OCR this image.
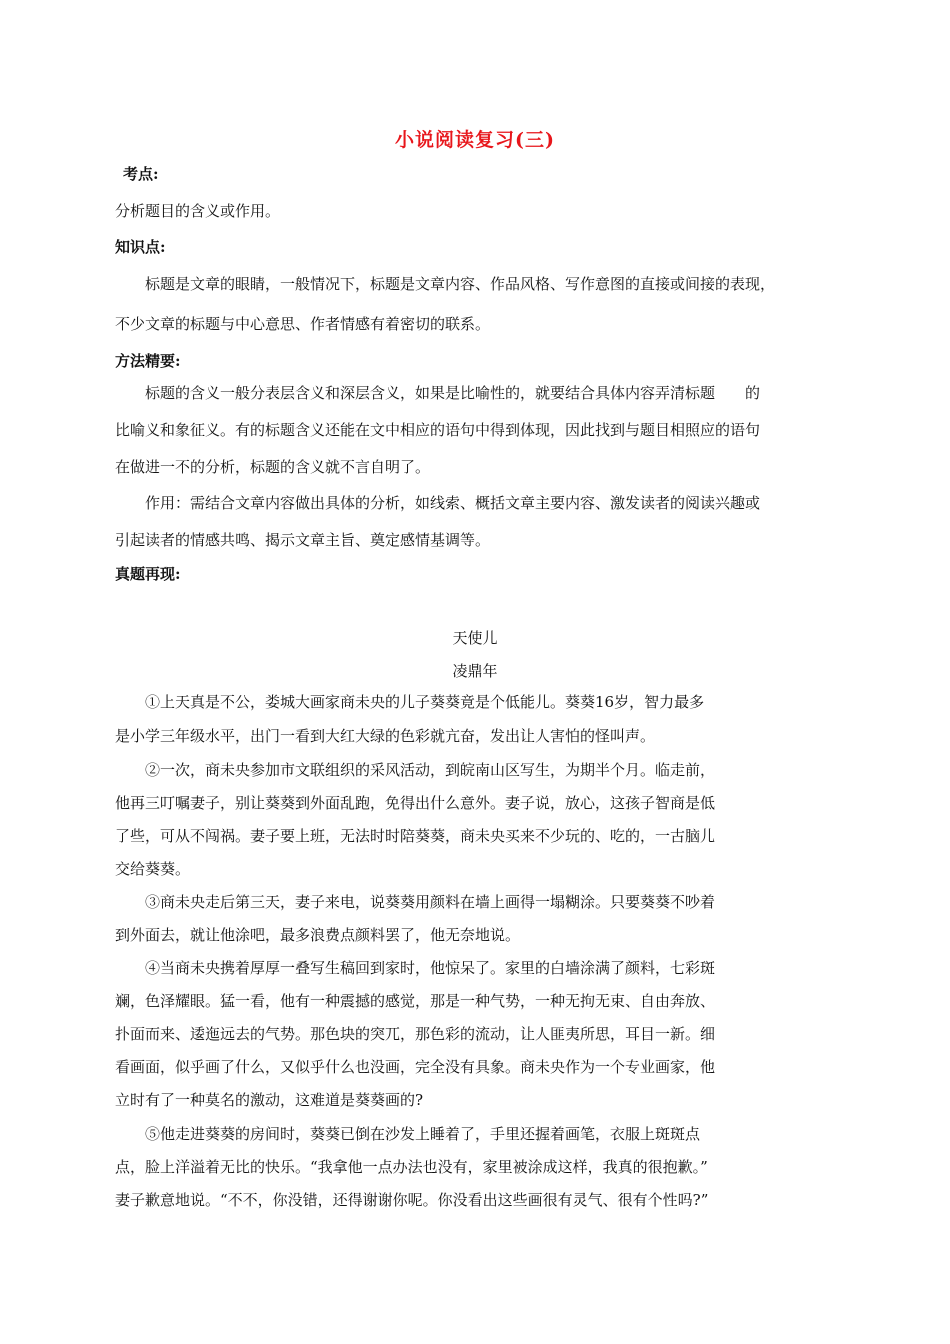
小说阅读复习(三)
考点:
分析题目的含义或作用。
知识点:
标题是文章的眼睛，一般情况下，标题是文章内容、作品风格、写作意图的直接或间接的表现，
不少文章的标题与中心意思、作者情感有着密切的联系。
方法精要:
标题的含义一般分表层含义和深层含义，如果是比喻性的，就要结合具体内容弄清标题　　的
比喻义和象征义。有的标题含义还能在文中相应的语句中得到体现，因此找到与题目相照应的语句
在做进一不的分析，标题的含义就不言自明了。
作用：需结合文章内容做出具体的分析，如线索、概括文章主要内容、激发读者的阅读兴趣或
引起读者的情感共鸣、揭示文章主旨、奠定感情基调等。
真题再现:
天使儿
凌鼎年
①上天真是不公，娄城大画家商未央的儿子葵葵竟是个低能儿。葵葵16岁，智力最多
是小学三年级水平，出门一看到大红大绿的色彩就亢奋，发出让人害怕的怪叫声。
②一次，商未央参加市文联组织的采风活动，到皖南山区写生，为期半个月。临走前，
他再三叮嘱妻子，别让葵葵到外面乱跑，免得出什么意外。妻子说，放心，这孩子智商是低
了些，可从不闯祸。妻子要上班，无法时时陪葵葵，商未央买来不少玩的、吃的，一古脑儿
交给葵葵。
③商未央走后第三天，妻子来电，说葵葵用颜料在墙上画得一塌糊涂。只要葵葵不吵着
到外面去，就让他涂吧，最多浪费点颜料罢了，他无奈地说。
④当商未央携着厚厚一叠写生稿回到家时，他惊呆了。家里的白墙涂满了颜料，七彩斑
斓，色泽耀眼。猛一看，他有一种震撼的感觉，那是一种气势，一种无拘无束、自由奔放、
扑面而来、逶迤远去的气势。那色块的突兀，那色彩的流动，让人匪夷所思，耳目一新。细
看画面，似乎画了什么，又似乎什么也没画，完全没有具象。商未央作为一个专业画家，他
立时有了一种莫名的激动，这难道是葵葵画的?
⑤他走进葵葵的房间时，葵葵已倒在沙发上睡着了，手里还握着画笔，衣服上斑斑点
点，脸上洋溢着无比的快乐。“我拿他一点办法也没有，家里被涂成这样，我真的很抱歉。”
妻子歉意地说。“不不，你没错，还得谢谢你呢。你没看出这些画很有灵气、很有个性吗?”
